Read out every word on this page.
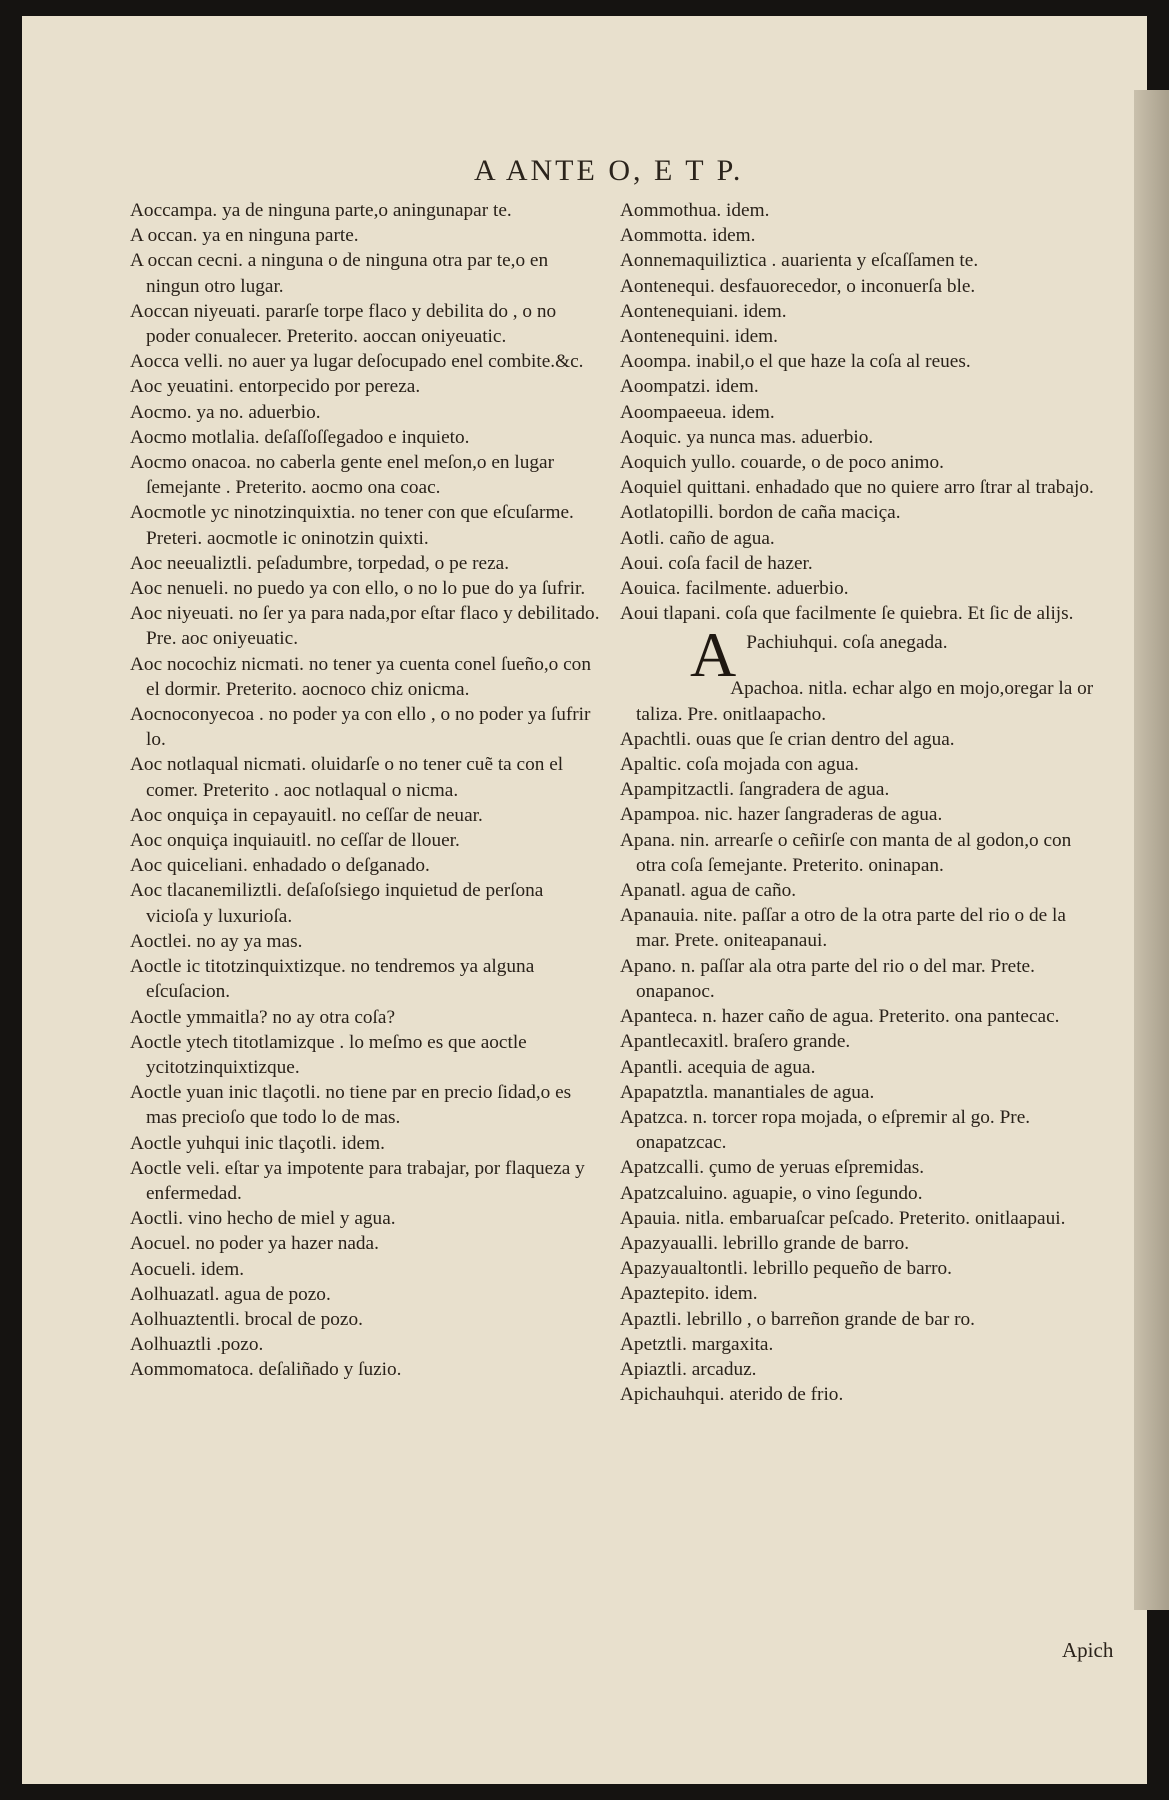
A ANTE O, E T P.

Aoccampa. ya de ninguna parte,o aningunapar te.

A occan. ya en ninguna parte.

A occan cecni. a ninguna o de ninguna otra par te,o en ningun otro lugar.

Aoccan niyeuati. pararſe torpe flaco y debilita do , o no poder conualecer. Preterito. aoccan oniyeuatic.

Aocca velli. no auer ya lugar deſocupado enel combite.&c.

Aoc yeuatini. entorpecido por pereza.

Aocmo. ya no. aduerbio.

Aocmo motlalia. deſaſſoſſegadoo e inquieto.

Aocmo onacoa. no caberla gente enel meſon,o en lugar ſemejante . Preterito. aocmo ona coac.

Aocmotle yc ninotzinquixtia. no tener con que eſcuſarme. Preteri. aocmotle ic oninotzin quixti.

Aoc neeualiztli. peſadumbre, torpedad, o pe reza.

Aoc nenueli. no puedo ya con ello, o no lo pue do ya ſufrir.

Aoc niyeuati. no ſer ya para nada,por eſtar flaco y debilitado. Pre. aoc oniyeuatic.

Aoc nocochiz nicmati. no tener ya cuenta conel ſueño,o con el dormir. Preterito. aocnoco chiz onicma.

Aocnoconyecoa . no poder ya con ello , o no poder ya ſufrir lo.

Aoc notlaqual nicmati. oluidarſe o no tener cuẽ ta con el comer. Preterito . aoc notlaqual o nicma.

Aoc onquiça in cepayauitl. no ceſſar de neuar.

Aoc onquiça inquiauitl. no ceſſar de llouer.

Aoc quiceliani. enhadado o deſganado.

Aoc tlacanemiliztli. deſaſoſsiego inquietud de perſona vicioſa y luxurioſa.

Aoctlei. no ay ya mas.

Aoctle ic titotzinquixtizque. no tendremos ya alguna eſcuſacion.

Aoctle ymmaitla? no ay otra coſa?

Aoctle ytech titotlamizque . lo meſmo es que aoctle ycitotzinquixtizque.

Aoctle yuan inic tlaçotli. no tiene par en precio ſidad,o es mas precioſo que todo lo de mas.

Aoctle yuhqui inic tlaçotli. idem.

Aoctle veli. eſtar ya impotente para trabajar, por flaqueza y enfermedad.

Aoctli. vino hecho de miel y agua.

Aocuel. no poder ya hazer nada.

Aocueli. idem.

Aolhuazatl. agua de pozo.

Aolhuaztentli. brocal de pozo.

Aolhuaztli .pozo.

Aommomatoca. deſaliñado y ſuzio.

Aommothua. idem.

Aommotta. idem.

Aonnemaquiliztica . auarienta y eſcaſſamen te.

Aontenequi. desfauorecedor, o inconuerſa ble.

Aontenequiani. idem.

Aontenequini. idem.

Aoompa. inabil,o el que haze la coſa al reues.

Aoompatzi. idem.

Aoompaeeua. idem.

Aoquic. ya nunca mas. aduerbio.

Aoquich yullo. couarde, o de poco animo.

Aoquiel quittani. enhadado que no quiere arro ſtrar al trabajo.

Aotlatopilli. bordon de caña maciça.

Aotli. caño de agua.

Aoui. coſa facil de hazer.

Aouica. facilmente. aduerbio.

Aoui tlapani. coſa que facilmente ſe quiebra. Et ſic de alijs.

A Pachiuhqui. coſa anegada.

Apachoa. nitla. echar algo en mojo,oregar la or taliza. Pre. onitlaapacho.

Apachtli. ouas que ſe crian dentro del agua.

Apaltic. coſa mojada con agua.

Apampitzactli. ſangradera de agua.

Apampoa. nic. hazer ſangraderas de agua.

Apana. nin. arrearſe o ceñirſe con manta de al godon,o con otra coſa ſemejante. Preterito. oninapan.

Apanatl. agua de caño.

Apanauia. nite. paſſar a otro de la otra parte del rio o de la mar. Prete. oniteapanaui.

Apano. n. paſſar ala otra parte del rio o del mar. Prete. onapanoc.

Apanteca. n. hazer caño de agua. Preterito. ona pantecac.

Apantlecaxitl. braſero grande.

Apantli. acequia de agua.

Apapatztla. manantiales de agua.

Apatzca. n. torcer ropa mojada, o eſpremir al go. Pre. onapatzcac.

Apatzcalli. çumo de yeruas eſpremidas.

Apatzcaluino. aguapie, o vino ſegundo.

Apauia. nitla. embaruaſcar peſcado. Preterito. onitlaapaui.

Apazyaualli. lebrillo grande de barro.

Apazyaualtontli. lebrillo pequeño de barro.

Apaztepito. idem.

Apaztli. lebrillo , o barreñon grande de bar ro.

Apetztli. margaxita.

Apiaztli. arcaduz.

Apichauhqui. aterido de frio.

Apich
